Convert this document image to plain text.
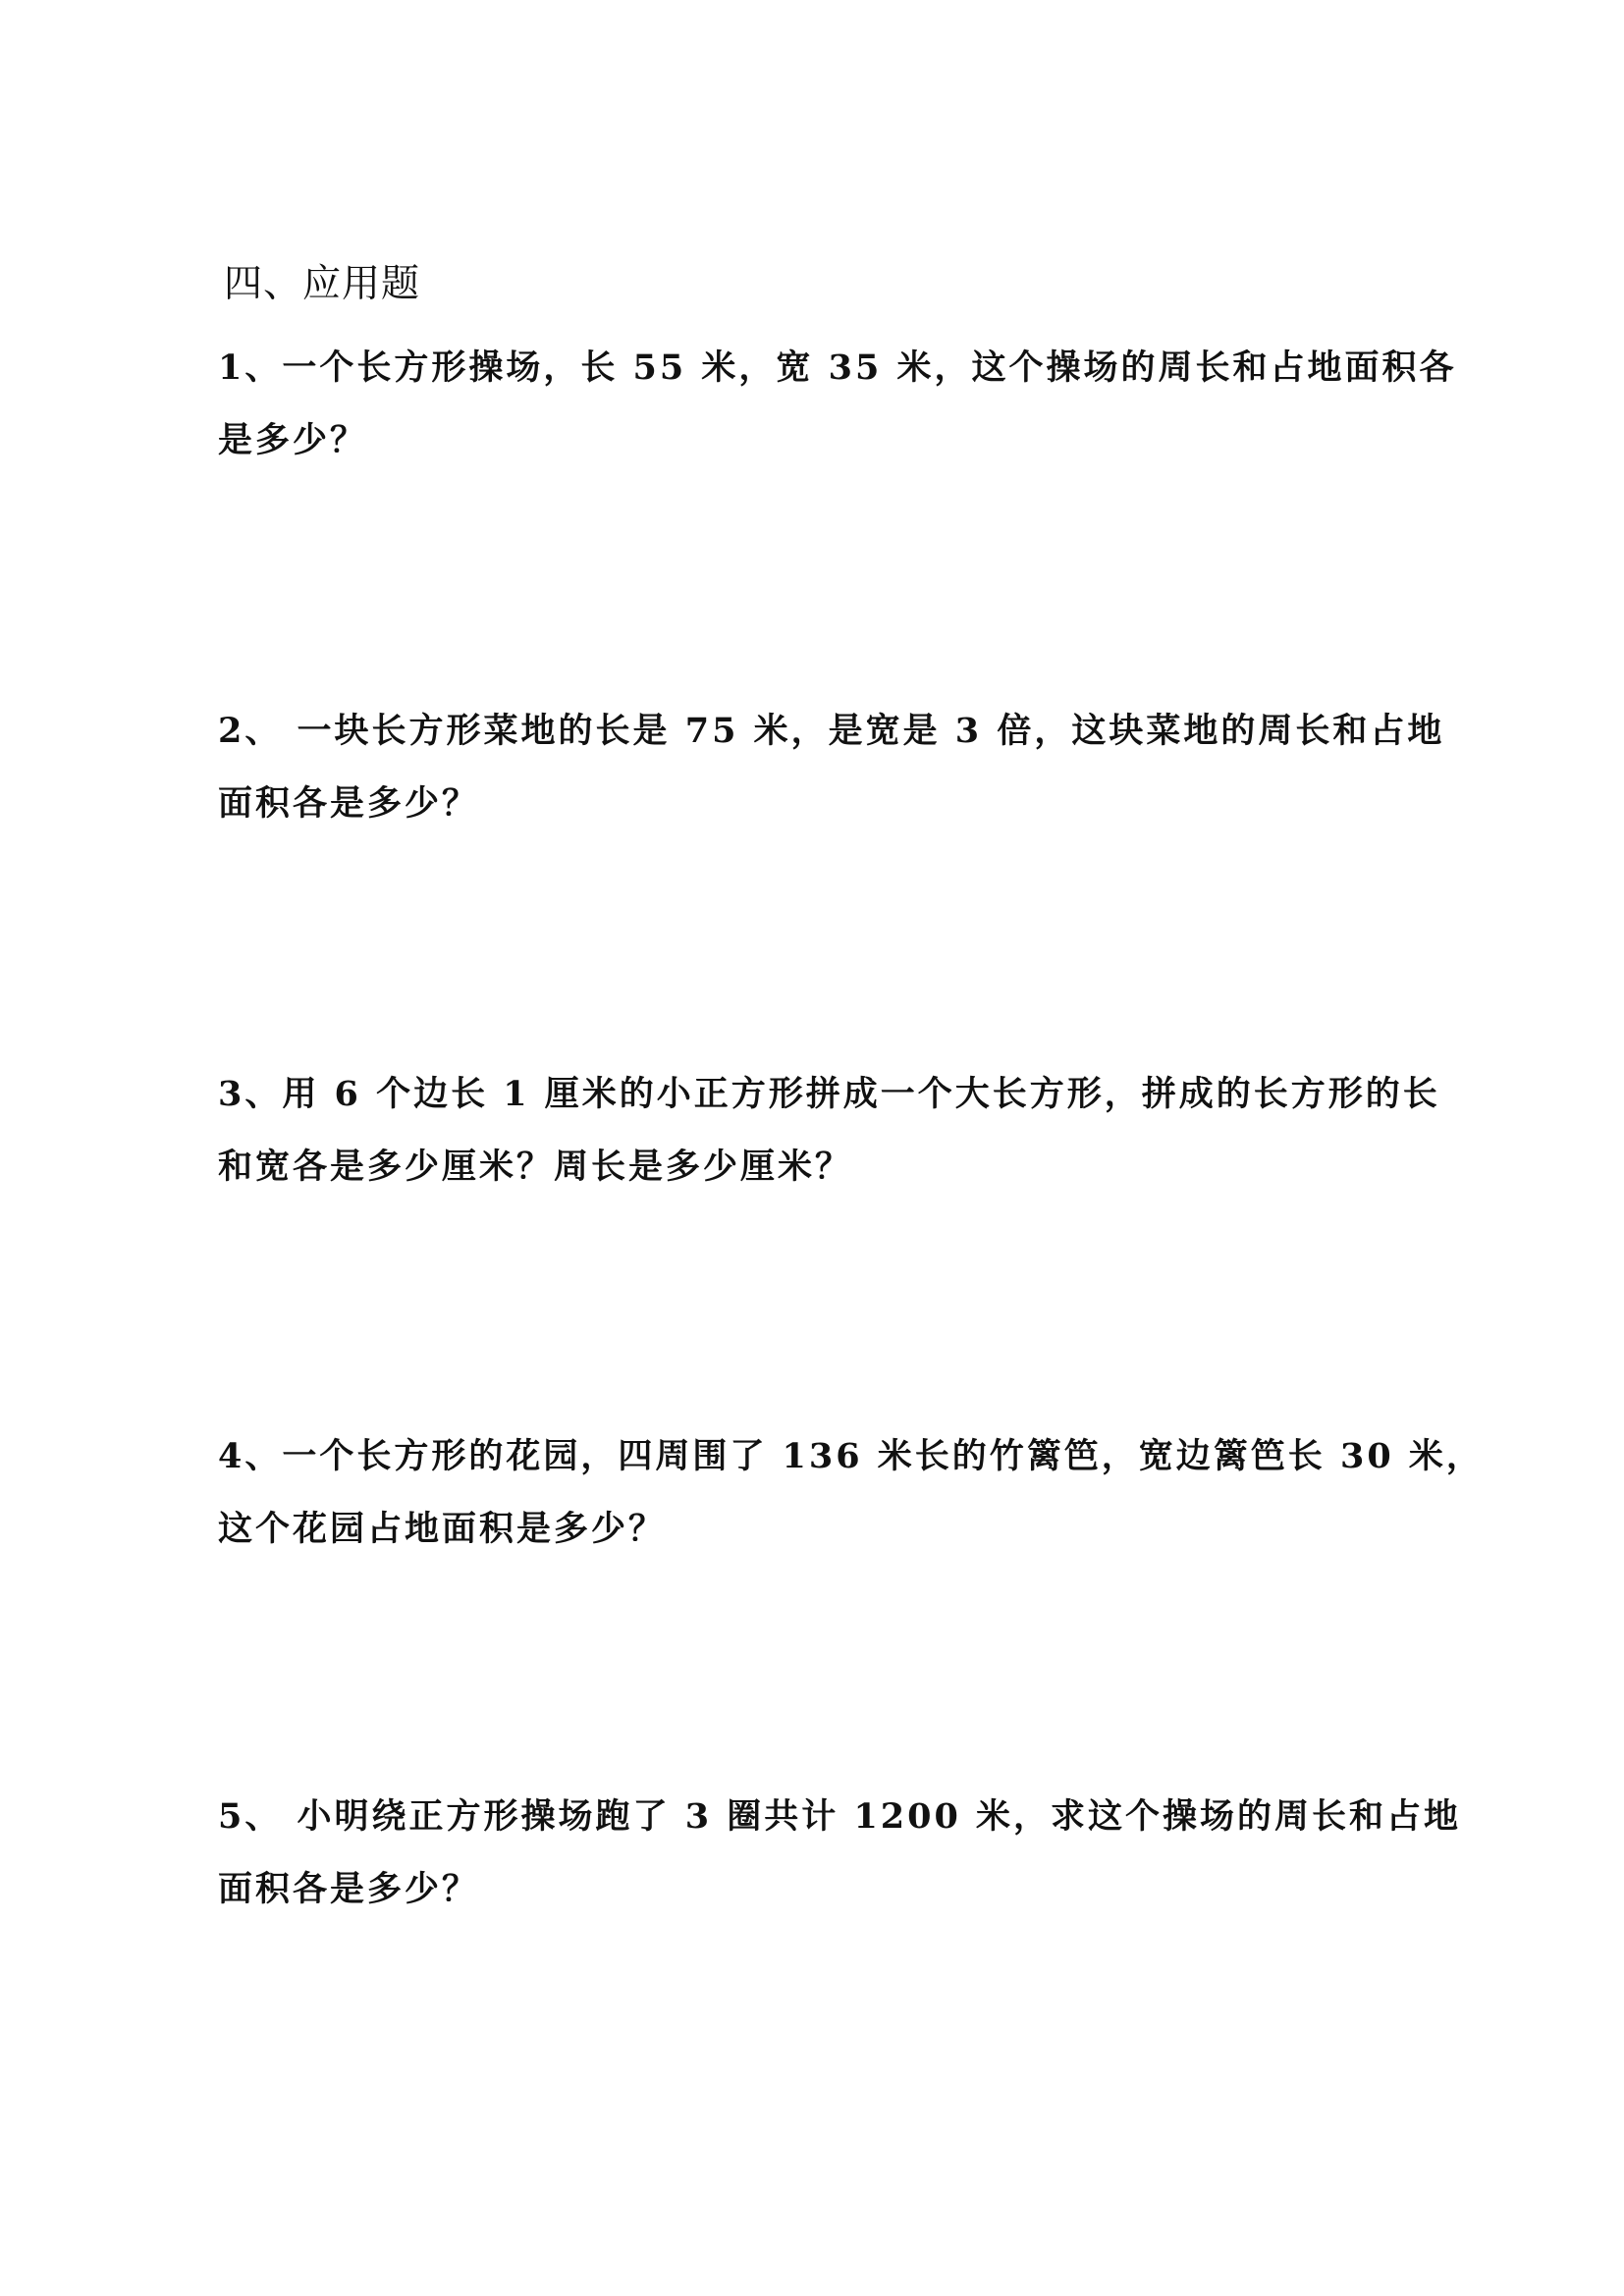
四、应用题
1、一个长方形操场，长 55 米，宽 35 米，这个操场的周长和占地面积各
是多少？
2、 一块长方形菜地的长是 75 米，是宽是 3 倍，这块菜地的周长和占地
面积各是多少？
3、用 6 个边长 1 厘米的小正方形拼成一个大长方形，拼成的长方形的长
和宽各是多少厘米？周长是多少厘米？
4、一个长方形的花园，四周围了 136 米长的竹篱笆，宽边篱笆长 30 米，
这个花园占地面积是多少？
5、 小明绕正方形操场跑了 3 圈共计 1200 米，求这个操场的周长和占地
面积各是多少？
